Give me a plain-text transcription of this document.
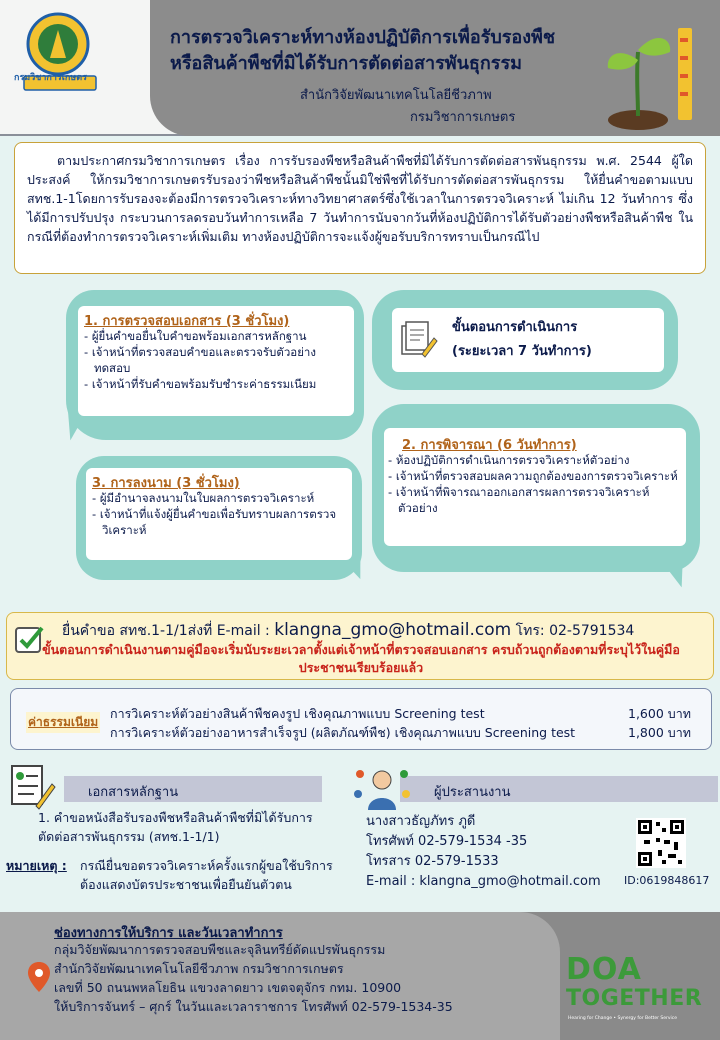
กรมวิชาการเกษตร
การตรวจวิเคราะห์ทางห้องปฏิบัติการเพื่อรับรองพืช
หรือสินค้าพืชที่มิได้รับการตัดต่อสารพันธุกรรม
สำนักวิจัยพัฒนาเทคโนโลยีชีวภาพ
กรมวิชาการเกษตร
ตามประกาศกรมวิชาการเกษตร เรื่อง การรับรองพืชหรือสินค้าพืชที่มิได้รับการตัดต่อสารพันธุกรรม พ.ศ. 2544 ผู้ใดประสงค์ ให้กรมวิชาการเกษตรรับรองว่าพืชหรือสินค้าพืชนั้นมิใช่พืชที่ได้รับการตัดต่อสารพันธุกรรม ให้ยื่นคำขอตามแบบ สทช.1-1โดยการรับรองจะต้องมีการตรวจวิเคราะห์ทางวิทยาศาสตร์ซึ่งใช้เวลาในการตรวจวิเคราะห์ ไม่เกิน 12 วันทำการ ซึ่งได้มีการปรับปรุง กระบวนการลดรอบวันทำการเหลือ 7 วันทำการนับจากวันที่ห้องปฏิบัติการได้รับตัวอย่างพืชหรือสินค้าพืช ในกรณีที่ต้องทำการตรวจวิเคราะห์เพิ่มเติม ทางห้องปฏิบัติการจะแจ้งผู้ขอรับบริการทราบเป็นกรณีไป
1. การตรวจสอบเอกสาร (3 ชั่วโมง)
- ผู้ยื่นคำขอยื่นใบคำขอพร้อมเอกสารหลักฐาน
- เจ้าหน้าที่ตรวจสอบคำขอและตรวจรับตัวอย่างทดสอบ
- เจ้าหน้าที่รับคำขอพร้อมรับชำระค่าธรรมเนียม
ขั้นตอนการดำเนินการ
(ระยะเวลา 7 วันทำการ)
2. การพิจารณา (6 วันทำการ)
- ห้องปฏิบัติการดำเนินการตรวจวิเคราะห์ตัวอย่าง
- เจ้าหน้าที่ตรวจสอบผลความถูกต้องของการตรวจวิเคราะห์
- เจ้าหน้าที่พิจารณาออกเอกสารผลการตรวจวิเคราะห์ตัวอย่าง
3. การลงนาม (3 ชั่วโมง)
- ผู้มีอำนาจลงนามในใบผลการตรวจวิเคราะห์
- เจ้าหน้าที่แจ้งผู้ยื่นคำขอเพื่อรับทราบผลการตรวจวิเคราะห์
ยื่นคำขอ สทช.1-1/1ส่งที่ E-mail : klangna_gmo@hotmail.com โทร: 02-5791534
ขั้นตอนการดำเนินงานตามคู่มือจะเริ่มนับระยะเวลาตั้งแต่เจ้าหน้าที่ตรวจสอบเอกสาร ครบถ้วนถูกต้องตามที่ระบุไว้ในคู่มือประชาชนเรียบร้อยแล้ว
ค่าธรรมเนียม
การวิเคราะห์ตัวอย่างสินค้าพืชคงรูป เชิงคุณภาพแบบ Screening test	1,600 บาท
การวิเคราะห์ตัวอย่างอาหารสำเร็จรูป (ผลิตภัณฑ์พืช) เชิงคุณภาพแบบ Screening test	1,800 บาท
เอกสารหลักฐาน
1. คำขอหนังสือรับรองพืชหรือสินค้าพืชที่มิได้รับการตัดต่อสารพันธุกรรม (สทช.1-1/1)
หมายเหตุ : กรณียื่นขอตรวจวิเคราะห์ครั้งแรกผู้ขอใช้บริการต้องแสดงบัตรประชาชนเพื่อยืนยันตัวตน
ผู้ประสานงาน
นางสาวธัญภัทร ภูดี
โทรศัพท์ 02-579-1534 -35
โทรสาร 02-579-1533
E-mail : klangna_gmo@hotmail.com ID:0619848617
ช่องทางการให้บริการ และวันเวลาทำการ
กลุ่มวิจัยพัฒนาการตรวจสอบพืชและจุลินทรีย์ดัดแปรพันธุกรรม
สำนักวิจัยพัฒนาเทคโนโลยีชีวภาพ กรมวิชาการเกษตร
เลขที่ 50 ถนนพหลโยธิน แขวงลาดยาว เขตจตุจักร กทม. 10900
ให้บริการจันทร์ – ศุกร์ ในวันและเวลาราชการ โทรศัพท์ 02-579-1534-35
DOA
TOGETHER
Hearing for Change • Synergy for Better Service
